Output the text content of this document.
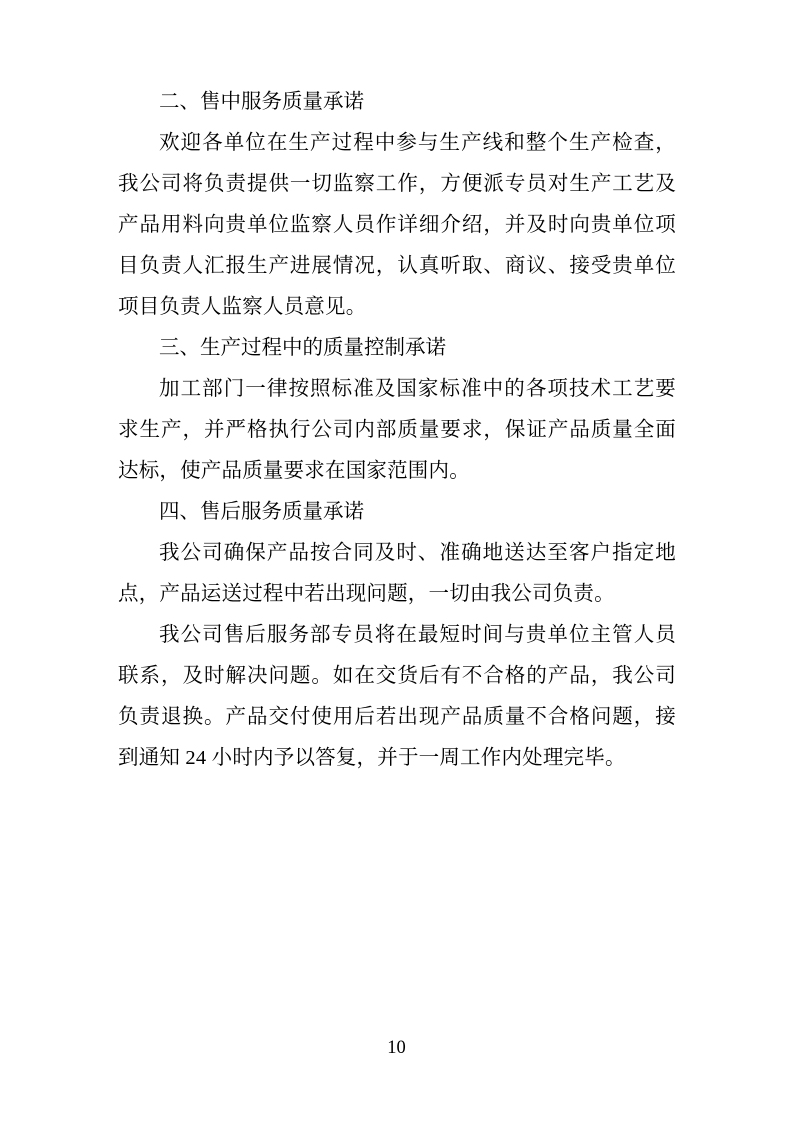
二、售中服务质量承诺

欢迎各单位在生产过程中参与生产线和整个生产检查，我公司将负责提供一切监察工作，方便派专员对生产工艺及产品用料向贵单位监察人员作详细介绍，并及时向贵单位项目负责人汇报生产进展情况，认真听取、商议、接受贵单位项目负责人监察人员意见。

三、生产过程中的质量控制承诺

加工部门一律按照标准及国家标准中的各项技术工艺要求生产，并严格执行公司内部质量要求，保证产品质量全面达标，使产品质量要求在国家范围内。

四、售后服务质量承诺

我公司确保产品按合同及时、准确地送达至客户指定地点，产品运送过程中若出现问题，一切由我公司负责。

我公司售后服务部专员将在最短时间与贵单位主管人员联系，及时解决问题。如在交货后有不合格的产品，我公司负责退换。产品交付使用后若出现产品质量不合格问题，接到通知 24 小时内予以答复，并于一周工作内处理完毕。

10
